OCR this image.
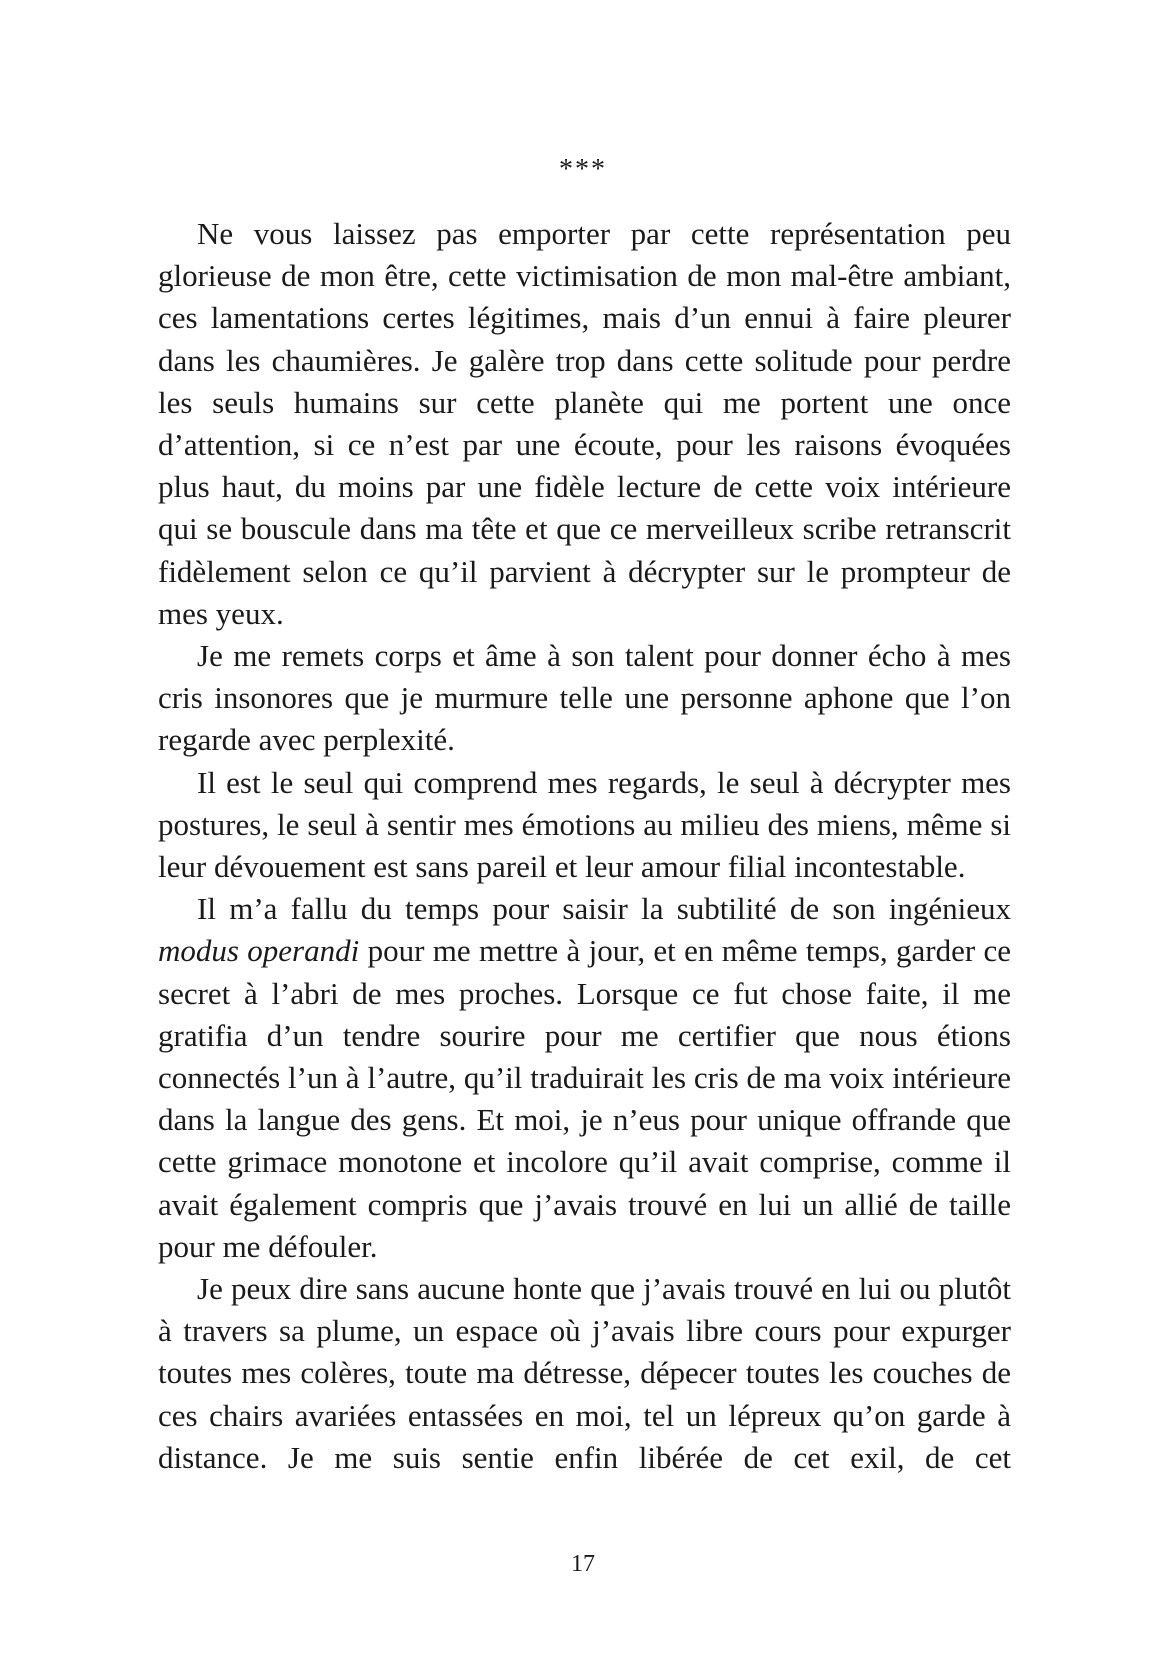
***

Ne vous laissez pas emporter par cette représentation peu glorieuse de mon être, cette victimisation de mon mal-être ambiant, ces lamentations certes légitimes, mais d’un ennui à faire pleurer dans les chaumières. Je galère trop dans cette solitude pour perdre les seuls humains sur cette planète qui me portent une once d’attention, si ce n’est par une écoute, pour les raisons évoquées plus haut, du moins par une fidèle lecture de cette voix intérieure qui se bouscule dans ma tête et que ce merveilleux scribe retranscrit fidèlement selon ce qu’il parvient à décrypter sur le prompteur de mes yeux.

Je me remets corps et âme à son talent pour donner écho à mes cris insonores que je murmure telle une personne aphone que l’on regarde avec perplexité.

Il est le seul qui comprend mes regards, le seul à décrypter mes postures, le seul à sentir mes émotions au milieu des miens, même si leur dévouement est sans pareil et leur amour filial incontestable.

Il m’a fallu du temps pour saisir la subtilité de son ingénieux modus operandi pour me mettre à jour, et en même temps, garder ce secret à l’abri de mes proches. Lorsque ce fut chose faite, il me gratifia d’un tendre sourire pour me certifier que nous étions connectés l’un à l’autre, qu’il traduirait les cris de ma voix intérieure dans la langue des gens. Et moi, je n’eus pour unique offrande que cette grimace monotone et incolore qu’il avait comprise, comme il avait également compris que j’avais trouvé en lui un allié de taille pour me défouler.

Je peux dire sans aucune honte que j’avais trouvé en lui ou plutôt à travers sa plume, un espace où j’avais libre cours pour expurger toutes mes colères, toute ma détresse, dépecer toutes les couches de ces chairs avariées entassées en moi, tel un lépreux qu’on garde à distance. Je me suis sentie enfin libérée de cet exil, de cet

17
